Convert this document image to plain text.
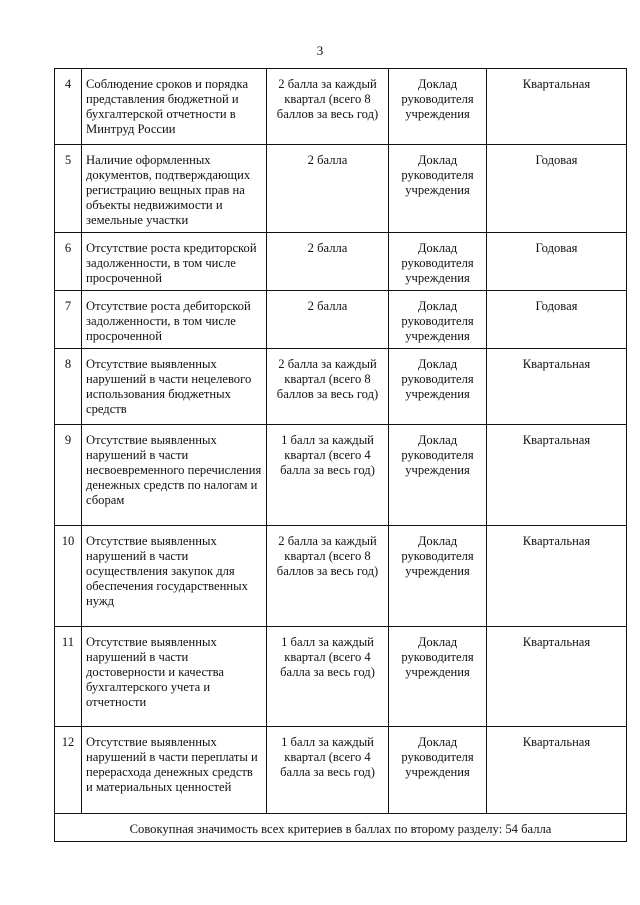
3
4	Соблюдение сроков и порядка представления бюджетной и бухгалтерской отчетности в Минтруд России	2 балла за каждый квартал (всего 8 баллов за весь год)	Доклад руководителя учреждения	Квартальная
5	Наличие оформленных документов, подтверждающих регистрацию вещных прав на объекты недвижимости и земельные участки	2 балла	Доклад руководителя учреждения	Годовая
6	Отсутствие роста кредиторской задолженности, в том числе просроченной	2 балла	Доклад руководителя учреждения	Годовая
7	Отсутствие роста дебиторской задолженности, в том числе просроченной	2 балла	Доклад руководителя учреждения	Годовая
8	Отсутствие выявленных нарушений в части нецелевого использования бюджетных средств	2 балла за каждый квартал (всего 8 баллов за весь год)	Доклад руководителя учреждения	Квартальная
9	Отсутствие выявленных нарушений в части несвоевременного перечисления денежных средств по налогам и сборам	1 балл за каждый квартал (всего 4 балла за весь год)	Доклад руководителя учреждения	Квартальная
10	Отсутствие выявленных нарушений в части осуществления закупок для обеспечения государственных нужд	2 балла за каждый квартал (всего 8 баллов за весь год)	Доклад руководителя учреждения	Квартальная
11	Отсутствие выявленных нарушений в части достоверности и качества бухгалтерского учета и отчетности	1 балл за каждый квартал (всего 4 балла за весь год)	Доклад руководителя учреждения	Квартальная
12	Отсутствие выявленных нарушений в части переплаты и перерасхода денежных средств и материальных ценностей	1 балл за каждый квартал (всего 4 балла за весь год)	Доклад руководителя учреждения	Квартальная
Совокупная значимость всех критериев в баллах по второму разделу: 54 балла				
